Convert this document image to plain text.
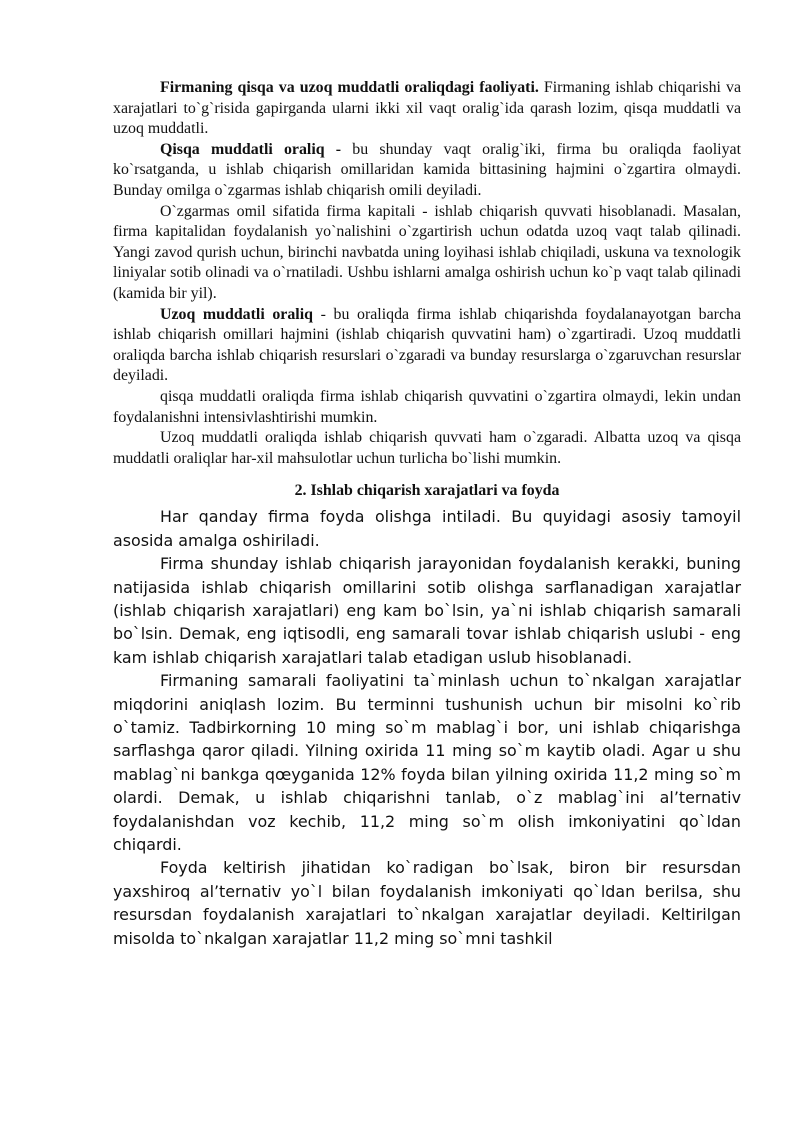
Firmaning qisqa va uzoq muddatli oraliqdagi faoliyati. Firmaning ishlab chiqarishi va xarajatlari to`g`risida gapirganda ularni ikki xil vaqt oralig`ida qarash lozim, qisqa muddatli va uzoq muddatli.

Qisqa muddatli oraliq - bu shunday vaqt oralig`iki, firma bu oraliqda faoliyat ko`rsatganda, u ishlab chiqarish omillaridan kamida bittasining hajmini o`zgartira olmaydi. Bunday omilga o`zgarmas ishlab chiqarish omili deyiladi.

O`zgarmas omil sifatida firma kapitali - ishlab chiqarish quvvati hisoblanadi. Masalan, firma kapitalidan foydalanish yo`nalishini o`zgartirish uchun odatda uzoq vaqt talab qilinadi. Yangi zavod qurish uchun, birinchi navbatda uning loyihasi ishlab chiqiladi, uskuna va texnologik liniyalar sotib olinadi va o`rnatiladi. Ushbu ishlarni amalga oshirish uchun ko`p vaqt talab qilinadi (kamida bir yil).

Uzoq muddatli oraliq - bu oraliqda firma ishlab chiqarishda foydalanayotgan barcha ishlab chiqarish omillari hajmini (ishlab chiqarish quvvatini ham) o`zgartiradi. Uzoq muddatli oraliqda barcha ishlab chiqarish resurslari o`zgaradi va bunday resurslarga o`zgaruvchan resurslar deyiladi.

qisqa muddatli oraliqda firma ishlab chiqarish quvvatini o`zgartira olmaydi, lekin undan foydalanishni intensivlashtirishi mumkin.

Uzoq muddatli oraliqda ishlab chiqarish quvvati ham o`zgaradi. Albatta uzoq va qisqa muddatli oraliqlar har-xil mahsulotlar uchun turlicha bo`lishi mumkin.

2. Ishlab chiqarish xarajatlari va foyda

Har qanday firma foyda olishga intiladi. Bu quyidagi asosiy tamoyil asosida amalga oshiriladi.

Firma shunday ishlab chiqarish jarayonidan foydalanish kerakki, buning natijasida ishlab chiqarish omillarini sotib olishga sarflanadigan xarajatlar (ishlab chiqarish xarajatlari) eng kam bo`lsin, ya`ni ishlab chiqarish samarali bo`lsin. Demak, eng iqtisodli, eng samarali tovar ishlab chiqarish uslubi - eng kam ishlab chiqarish xarajatlari talab etadigan uslub hisoblanadi.

Firmaning samarali faoliyatini ta`minlash uchun to`nkalgan xarajatlar miqdorini aniqlash lozim. Bu terminni tushunish uchun bir misolni ko`rib o`tamiz. Tadbirkorning 10 ming so`m mablag`i bor, uni ishlab chiqarishga sarflashga qaror qiladi. Yilning oxirida 11 ming so`m kaytib oladi. Agar u shu mablag`ni bankga qœyganida 12% foyda bilan yilning oxirida 11,2 ming so`m olardi. Demak, u ishlab chiqarishni tanlab, o`z mablag`ini al’ternativ foydalanishdan voz kechib, 11,2 ming so`m olish imkoniyatini qo`ldan chiqardi.

Foyda keltirish jihatidan ko`radigan bo`lsak, biron bir resursdan yaxshiroq al’ternativ yo`l bilan foydalanish imkoniyati qo`ldan berilsa, shu resursdan foydalanish xarajatlari to`nkalgan xarajatlar deyiladi. Keltirilgan misolda to`nkalgan xarajatlar 11,2 ming so`mni tashkil
